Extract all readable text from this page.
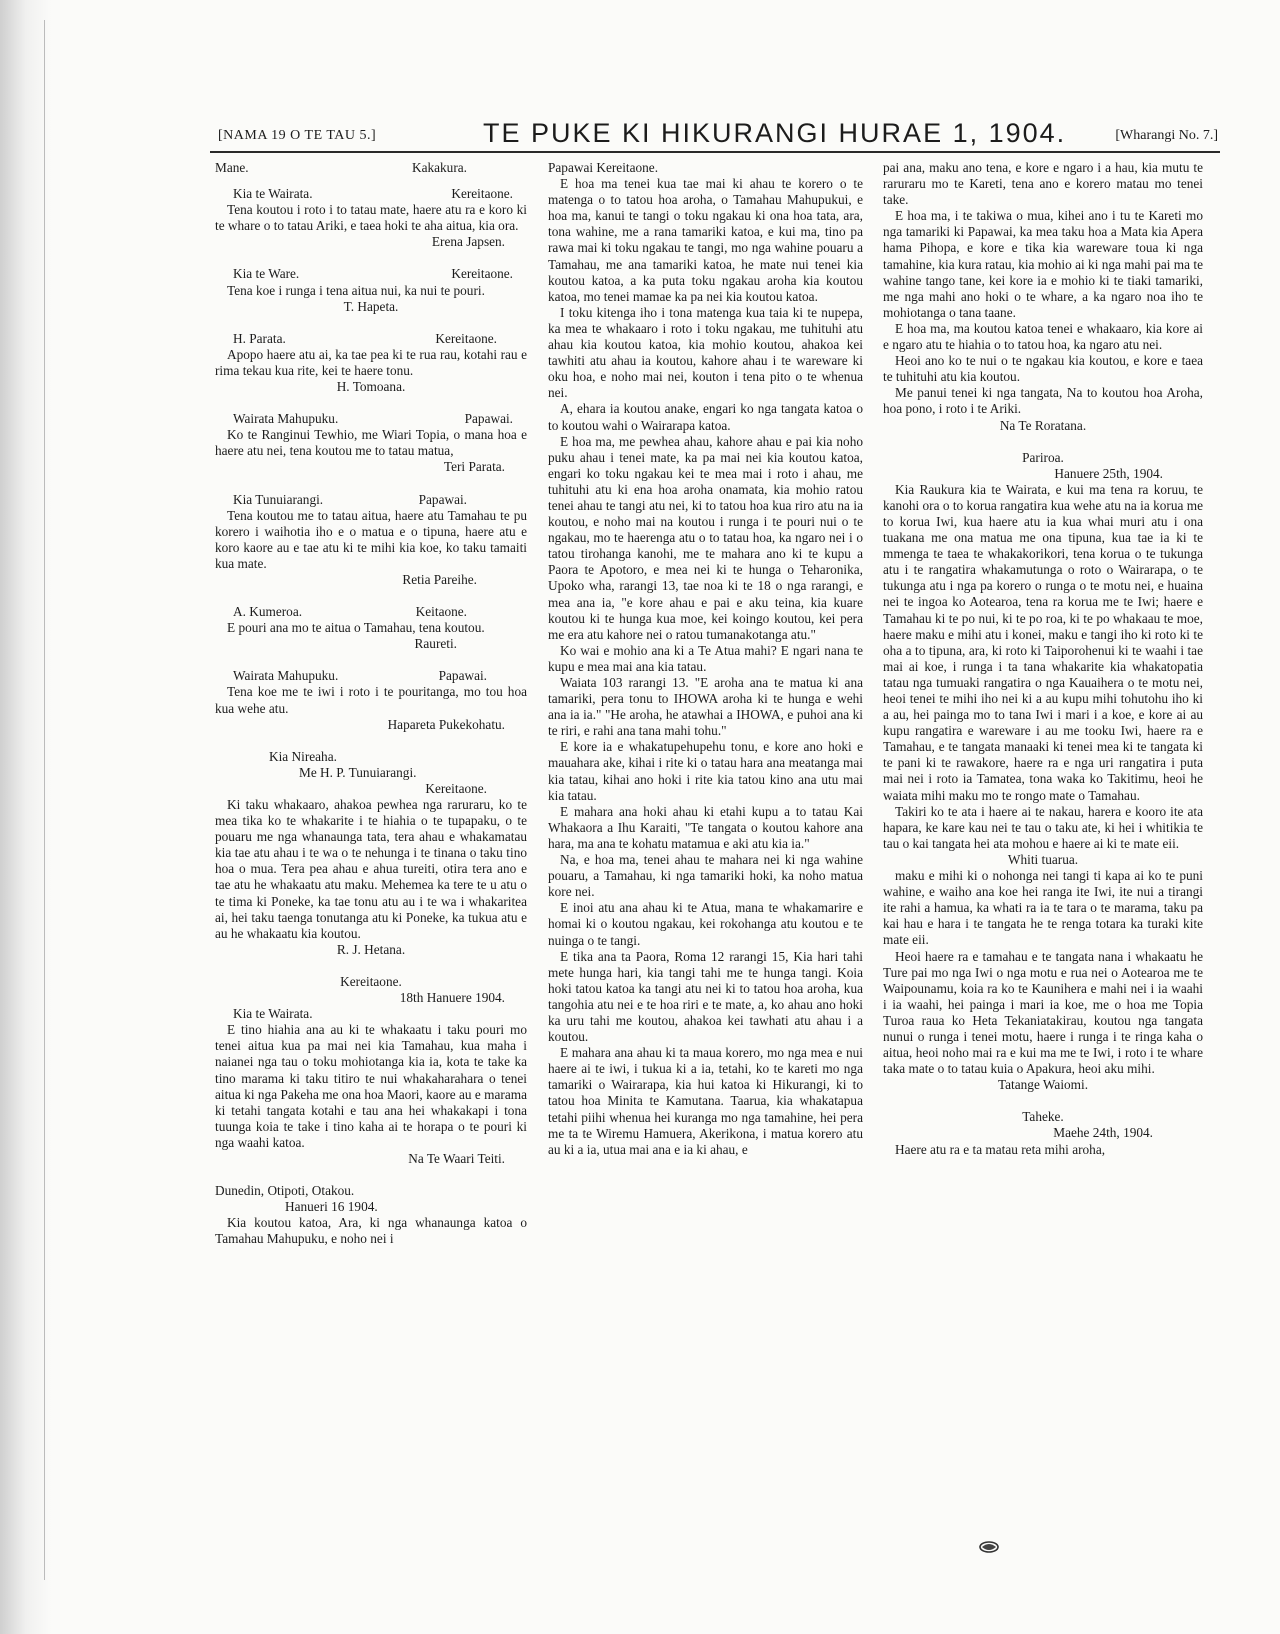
[NAMA 19 O TE TAU 5.]	TE PUKE KI HIKURANGI HURAE 1, 1904.	[Wharangi No. 7.]
Mane.	Kakakura.
Kia te Wairata.	Kereitaone.

Tena koutou i roto i to tatau mate, haere atu ra e koro ki te whare o to tatau Ariki, e taea hoki te aha aitua, kia ora.

Erena Japsen.
Kia te Ware.	Kereitaone.

Tena koe i runga i tena aitua nui, ka nui te pouri.

T. Hapeta.
H. Parata.	Kereitaone.

Apopo haere atu ai, ka tae pea ki te rua rau, kotahi rau e rima tekau kua rite, kei te haere tonu.

H. Tomoana.
Wairata Mahupuku.	Papawai.

Ko te Ranginui Tewhio, me Wiari Topia, o mana hoa e haere atu nei, tena koutou me to tatau matua,

Teri Parata.
Kia Tunuiarangi.	Papawai.

Tena koutou me to tatau aitua, haere atu Tamahau te pu korero i waihotia iho e o matua e o tipuna, haere atu e koro kaore au e tae atu ki te mihi kia koe, ko taku tamaiti kua mate.

Retia Pareihe.
A. Kumeroa.	Keitaone.

E pouri ana mo te aitua o Tamahau, tena koutou.

Raureti.
Wairata Mahupuku.	Papawai.

Tena koe me te iwi i roto i te pouritanga, mo tou hoa kua wehe atu.

Hapareta Pukekohatu.
Kia Nireaha.
Me H. P. Tunuiarangi.
Kereitaone.

Ki taku whakaaro, ahakoa pewhea nga raruraru, ko te mea tika ko te whakarite i te hiahia o te tupapaku, o te pouaru me nga whanaunga tata, tera ahau e whakamatau kia tae atu ahau i te wa o te nehunga i te tinana o taku tino hoa o mua. Tera pea ahau e ahua tureiti, otira tera ano e tae atu he whakaatu atu maku. Mehemea ka tere te u atu o te tima ki Poneke, ka tae tonu atu au i te wa i whakaritea ai, hei taku taenga tonutanga atu ki Poneke, ka tukua atu e au he whakaatu kia koutou.

R. J. Hetana.
Kereitaone.
18th Hanuere 1904.
Kia te Wairata.

E tino hiahia ana au ki te whakaatu i taku pouri mo tenei aitua kua pa mai nei kia Tamahau, kua maha i naianei nga tau o toku mohiotanga kia ia, kota te take ka tino marama ki taku titiro te nui whakaharahara o tenei aitua ki nga Pakeha me ona hoa Maori, kaore au e marama ki tetahi tangata kotahi e tau ana hei whakakapi i tona tuunga koia te take i tino kaha ai te horapa o te pouri ki nga waahi katoa.

Na Te Waari Teiti.
Dunedin, Otipoti, Otakou.
Hanueri 16 1904.

Kia koutou katoa, Ara, ki nga whanaunga katoa o Tamahau Mahupuku, e noho nei i

Papawai Kereitaone.

E hoa ma tenei kua tae mai ki ahau te korero o te matenga o to tatou hoa aroha, o Tamahau Mahupukui, e hoa ma, kanui te tangi o toku ngakau ki ona hoa tata, ara, tona wahine, me a rana tamariki katoa, e kui ma, tino pa rawa mai ki toku ngakau te tangi, mo nga wahine pouaru a Tamahau, me ana tamariki katoa, he mate nui tenei kia koutou katoa, a ka puta toku ngakau aroha kia koutou katoa, mo tenei mamae ka pa nei kia koutou katoa.

I toku kitenga iho i tona matenga kua taia ki te nupepa, ka mea te whakaaro i roto i toku ngakau, me tuhituhi atu ahau kia koutou katoa, kia mohio koutou, ahakoa kei tawhiti atu ahau ia koutou, kahore ahau i te wareware ki oku hoa, e noho mai nei, kouton i tena pito o te whenua nei.

A, ehara ia koutou anake, engari ko nga tangata katoa o to koutou wahi o Wairarapa katoa.

E hoa ma, me pewhea ahau, kahore ahau e pai kia noho puku ahau i tenei mate, ka pa mai nei kia koutou katoa, engari ko toku ngakau kei te mea mai i roto i ahau, me tuhituhi atu ki ena hoa aroha onamata, kia mohio ratou tenei ahau te tangi atu nei, ki to tatou hoa kua riro atu na ia koutou, e noho mai na koutou i runga i te pouri nui o te ngakau, mo te haerenga atu o to tatau hoa, ka ngaro nei i o tatou tirohanga kanohi, me te mahara ano ki te kupu a Paora te Apotoro, e mea nei ki te hunga o Teharonika, Upoko wha, rarangi 13, tae noa ki te 18 o nga rarangi, e mea ana ia, "e kore ahau e pai e aku teina, kia kuare koutou ki te hunga kua moe, kei koingo koutou, kei pera me era atu kahore nei o ratou tumanakotanga atu."

Ko wai e mohio ana ki a Te Atua mahi? E ngari nana te kupu e mea mai ana kia tatau.

Waiata 103 rarangi 13. "E aroha ana te matua ki ana tamariki, pera tonu to IHOWA aroha ki te hunga e wehi ana ia ia." "He aroha, he atawhai a IHOWA, e puhoi ana ki te riri, e rahi ana tana mahi tohu."

E kore ia e whakatupehupehu tonu, e kore ano hoki e mauahara ake, kihai i rite ki o tatau hara ana meatanga mai kia tatau, kihai ano hoki i rite kia tatou kino ana utu mai kia tatau.

E mahara ana hoki ahau ki etahi kupu a to tatau Kai Whakaora a Ihu Karaiti, "Te tangata o koutou kahore ana hara, ma ana te kohatu matamua e aki atu kia ia."

Na, e hoa ma, tenei ahau te mahara nei ki nga wahine pouaru, a Tamahau, ki nga tamariki hoki, ka noho matua kore nei.

E inoi atu ana ahau ki te Atua, mana te whakamarire e homai ki o koutou ngakau, kei rokohanga atu koutou e te nuinga o te tangi.

E tika ana ta Paora, Roma 12 rarangi 15, Kia hari tahi mete hunga hari, kia tangi tahi me te hunga tangi. Koia hoki tatou katoa ka tangi atu nei ki to tatou hoa aroha, kua tangohia atu nei e te hoa riri e te mate, a, ko ahau ano hoki ka uru tahi me koutou, ahakoa kei tawhati atu ahau i a koutou.

E mahara ana ahau ki ta maua korero, mo nga mea e nui haere ai te iwi, i tukua ki a ia, tetahi, ko te kareti mo nga tamariki o Wairarapa, kia hui katoa ki Hikurangi, ki to tatou hoa Minita te Kamutana. Taarua, kia whakatapua tetahi piihi whenua hei kuranga mo nga tamahine, hei pera me ta te Wiremu Hamuera, Akerikona, i matua korero atu au ki a ia, utua mai ana e ia ki ahau, e

pai ana, maku ano tena, e kore e ngaro i a hau, kia mutu te raruraru mo te Kareti, tena ano e korero matau mo tenei take.

E hoa ma, i te takiwa o mua, kihei ano i tu te Kareti mo nga tamariki ki Papawai, ka mea taku hoa a Mata kia Apera hama Pihopa, e kore e tika kia wareware toua ki nga tamahine, kia kura ratau, kia mohio ai ki nga mahi pai ma te wahine tango tane, kei kore ia e mohio ki te tiaki tamariki, me nga mahi ano hoki o te whare, a ka ngaro noa iho te mohiotanga o tana taane.

E hoa ma, ma koutou katoa tenei e whakaaro, kia kore ai e ngaro atu te hiahia o to tatou hoa, ka ngaro atu nei.

Heoi ano ko te nui o te ngakau kia koutou, e kore e taea te tuhituhi atu kia koutou.

Me panui tenei ki nga tangata, Na to koutou hoa Aroha, hoa pono, i roto i te Ariki.

Na Te Roratana.
Pariroa.
Hanuere 25th, 1904.

Kia Raukura kia te Wairata, e kui ma tena ra koruu, te kanohi ora o to korua rangatira kua wehe atu na ia korua me to korua Iwi, kua haere atu ia kua whai muri atu i ona tuakana me ona matua me ona tipuna, kua tae ia ki te mmenga te taea te whakakorikori, tena korua o te tukunga atu i te rangatira whakamutunga o roto o Wairarapa, o te tukunga atu i nga pa korero o runga o te motu nei, e huaina nei te ingoa ko Aotearoa, tena ra korua me te Iwi; haere e Tamahau ki te po nui, ki te po roa, ki te po whakaau te moe, haere maku e mihi atu i konei, maku e tangi iho ki roto ki te oha a to tipuna, ara, ki roto ki Taiporohenui ki te waahi i tae mai ai koe, i runga i ta tana whakarite kia whakatopatia tatau nga tumuaki rangatira o nga Kauaihera o te motu nei, heoi tenei te mihi iho nei ki a au kupu mihi tohutohu iho ki a au, hei painga mo to tana Iwi i mari i a koe, e kore ai au kupu rangatira e wareware i au me tooku Iwi, haere ra e Tamahau, e te tangata manaaki ki tenei mea ki te tangata ki te pani ki te rawakore, haere ra e nga uri rangatira i puta mai nei i roto ia Tamatea, tona waka ko Takitimu, heoi he waiata mihi maku mo te rongo mate o Tamahau.

Takiri ko te ata i haere ai te nakau, harera e kooro ite ata hapara, ke kare kau nei te tau o taku ate, ki hei i whitikia te tau o kai tangata hei ata mohou e haere ai ki te mate eii.

Whiti tuarua.

maku e mihi ki o nohonga nei tangi ti kapa ai ko te puni wahine, e waiho ana koe hei ranga ite Iwi, ite nui a tirangi ite rahi a hamua, ka whati ra ia te tara o te marama, taku pa kai hau e hara i te tangata he te renga totara ka turaki kite mate eii.

Heoi haere ra e tamahau e te tangata nana i whakaatu he Ture pai mo nga Iwi o nga motu e rua nei o Aotearoa me te Waipounamu, koia ra ko te Kaunihera e mahi nei i ia waahi i ia waahi, hei painga i mari ia koe, me o hoa me Topia Turoa raua ko Heta Tekaniatakirau, koutou nga tangata nunui o runga i tenei motu, haere i runga i te ringa kaha o aitua, heoi noho mai ra e kui ma me te Iwi, i roto i te whare taka mate o to tatau kuia o Apakura, heoi aku mihi.

Tatange Waiomi.
Taheke.
Maehe 24th, 1904.

Haere atu ra e ta matau reta mihi aroha,
